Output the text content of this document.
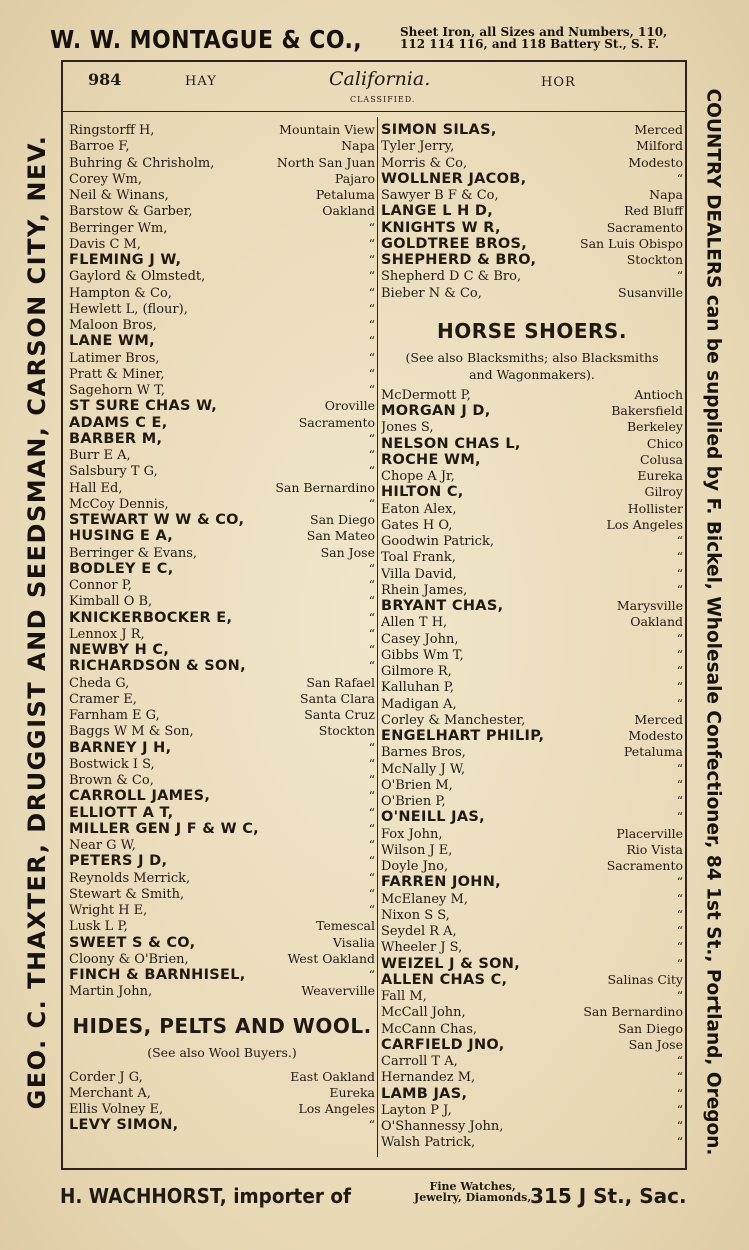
W. W. MONTAGUE & CO.,	Sheet Iron, all Sizes and Numbers, 110,
112 114 116, and 118 Battery St., S. F.
GEO. C. THAXTER, DRUGGIST AND SEEDSMAN, CARSON CITY, NEV.	COUNTRY DEALERS can be supplied by F. Bickel, Wholesale Confectioner, 84 1st St., Portland, Oregon.
984	HAY	California.
CLASSIFIED.
HOR
Ringstorff H,	Mountain View
Barroe F,	Napa
Buhring & Chrisholm,	North San Juan
Corey Wm,	Pajaro
Neil & Winans,	Petaluma
Barstow & Garber,	Oakland
Berringer Wm,	“
Davis C M,	“
FLEMING J W,	“
Gaylord & Olmstedt,	“
Hampton & Co,	“
Hewlett L, (flour),	“
Maloon Bros,	“
LANE WM,	“
Latimer Bros,	“
Pratt & Miner,	“
Sagehorn W T,	“
ST SURE CHAS W,	Oroville
ADAMS C E,	Sacramento
BARBER M,	“
Burr E A,	“
Salsbury T G,	“
Hall Ed,	San Bernardino
McCoy Dennis,	“
STEWART W W & CO,	San Diego
HUSING E A,	San Mateo
Berringer & Evans,	San Jose
BODLEY E C,	“
Connor P,	“
Kimball O B,	“
KNICKERBOCKER E,	“
Lennox J R,	“
NEWBY H C,	“
RICHARDSON & SON,	“
Cheda G,	San Rafael
Cramer E,	Santa Clara
Farnham E G,	Santa Cruz
Baggs W M & Son,	Stockton
BARNEY J H,	“
Bostwick I S,	“
Brown & Co,	“
CARROLL JAMES,	“
ELLIOTT A T,	“
MILLER GEN J F & W C,	“
Near G W,	“
PETERS J D,	“
Reynolds Merrick,	“
Stewart & Smith,	“
Wright H E,	“
Lusk L P,	Temescal
SWEET S & CO,	Visalia
Cloony & O'Brien,	West Oakland
FINCH & BARNHISEL,	“
Martin John,	Weaverville
HIDES, PELTS AND WOOL.
(See also Wool Buyers.)
Corder J G,	East Oakland
Merchant A,	Eureka
Ellis Volney E,	Los Angeles
LEVY SIMON,	“
SIMON SILAS,	Merced
Tyler Jerry,	Milford
Morris & Co,	Modesto
WOLLNER JACOB,	“
Sawyer B F & Co,	Napa
LANGE L H D,	Red Bluff
KNIGHTS W R,	Sacramento
GOLDTREE BROS,	San Luis Obispo
SHEPHERD & BRO,	Stockton
Shepherd D C & Bro,	“
Bieber N & Co,	Susanville
HORSE SHOERS.
(See also Blacksmiths; also Blacksmiths
and Wagonmakers).
McDermott P,	Antioch
MORGAN J D,	Bakersfield
Jones S,	Berkeley
NELSON CHAS L,	Chico
ROCHE WM,	Colusa
Chope A Jr,	Eureka
HILTON C,	Gilroy
Eaton Alex,	Hollister
Gates H O,	Los Angeles
Goodwin Patrick,	“
Toal Frank,	“
Villa David,	“
Rhein James,	“
BRYANT CHAS,	Marysville
Allen T H,	Oakland
Casey John,	“
Gibbs Wm T,	“
Gilmore R,	“
Kalluhan P,	“
Madigan A,	“
Corley & Manchester,	Merced
ENGELHART PHILIP,	Modesto
Barnes Bros,	Petaluma
McNally J W,	“
O'Brien M,	“
O'Brien P,	“
O'NEILL JAS,	“
Fox John,	Placerville
Wilson J E,	Rio Vista
Doyle Jno,	Sacramento
FARREN JOHN,	“
McElaney M,	“
Nixon S S,	“
Seydel R A,	“
Wheeler J S,	“
WEIZEL J & SON,	“
ALLEN CHAS C,	Salinas City
Fall M,	“
McCall John,	San Bernardino
McCann Chas,	San Diego
CARFIELD JNO,	San Jose
Carroll T A,	“
Hernandez M,	“
LAMB JAS,	“
Layton P J,	“
O'Shannessy John,	“
Walsh Patrick,	“
H. WACHHORST, importer of	Fine Watches,
Jewelry, Diamonds,
315 J St., Sac.
